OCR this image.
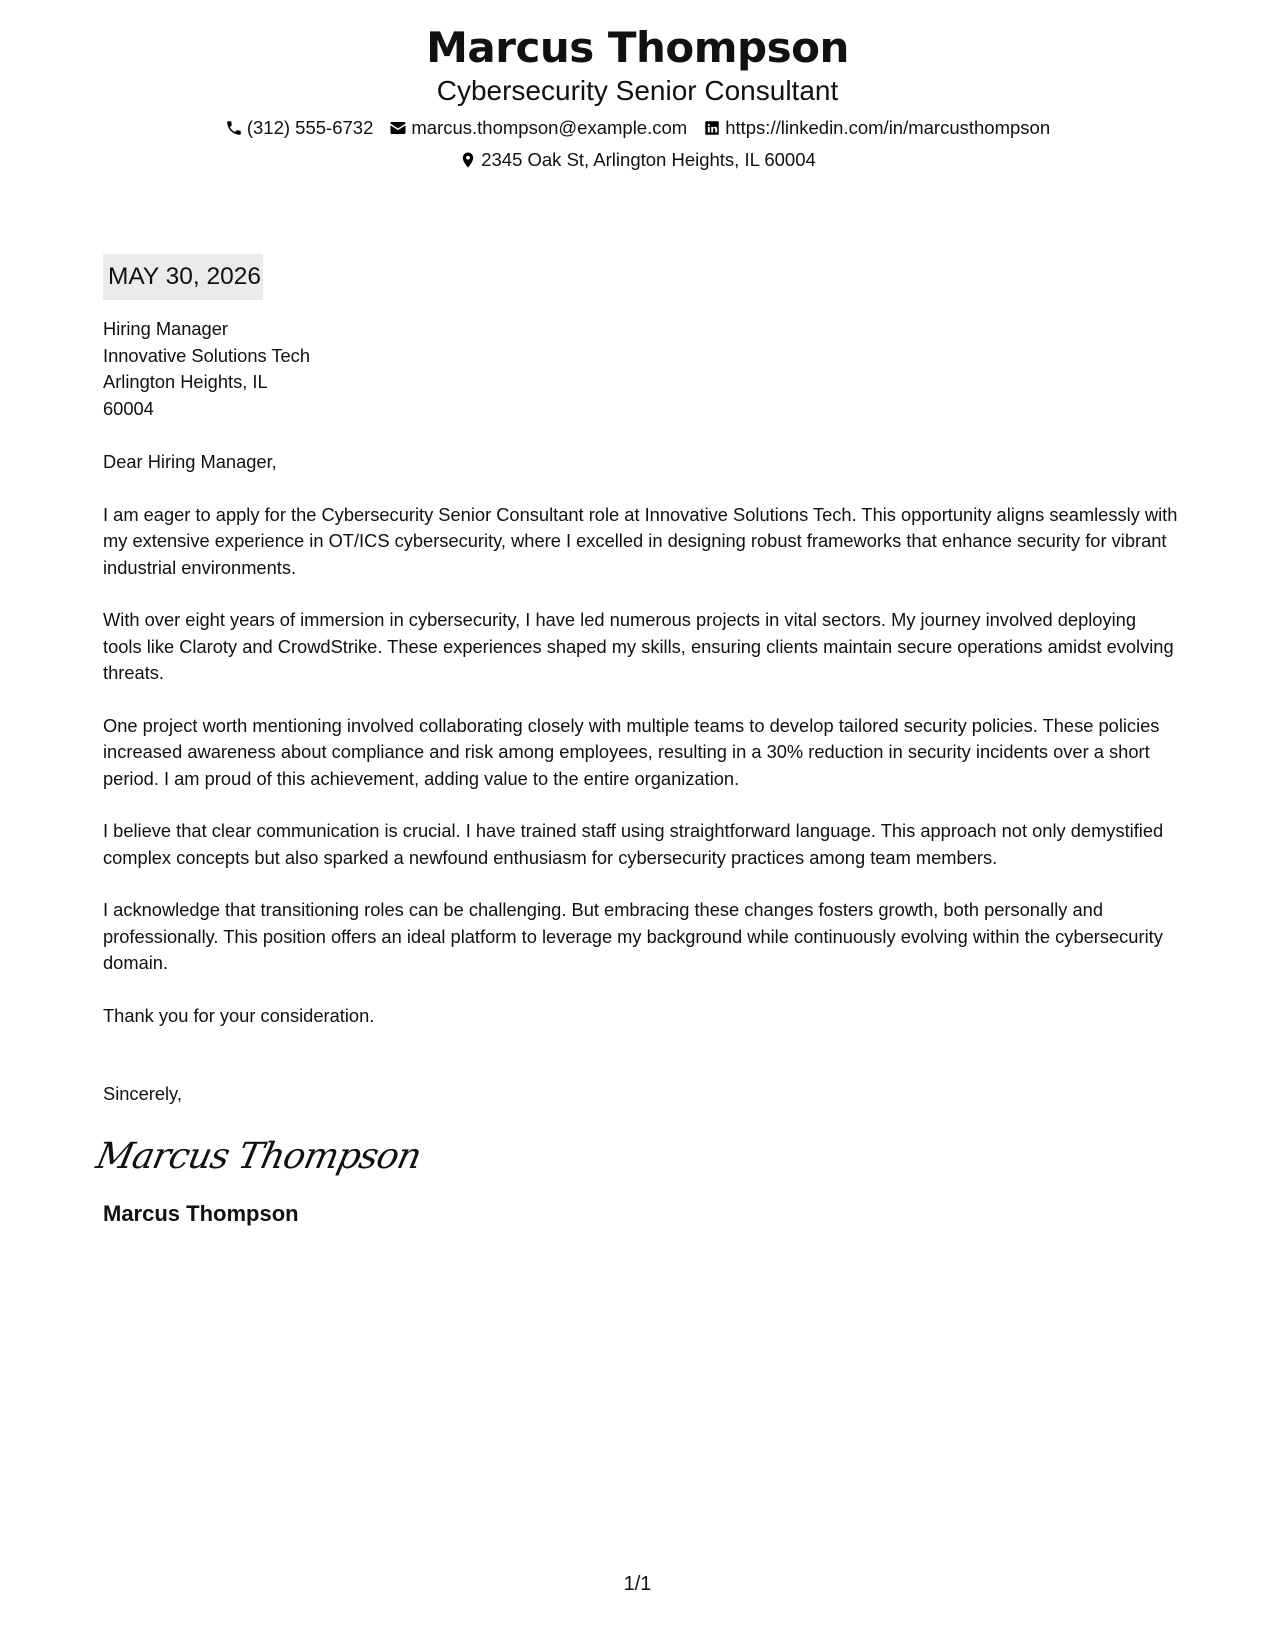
Marcus Thompson
Cybersecurity Senior Consultant
(312) 555-6732 marcus.thompson@example.com https://linkedin.com/in/marcusthompson
2345 Oak St, Arlington Heights, IL 60004
MAY 30, 2026
Hiring Manager
Innovative Solutions Tech
Arlington Heights, IL
60004
Dear Hiring Manager,

I am eager to apply for the Cybersecurity Senior Consultant role at Innovative Solutions Tech. This opportunity aligns seamlessly with my extensive experience in OT/ICS cybersecurity, where I excelled in designing robust frameworks that enhance security for vibrant industrial environments.

With over eight years of immersion in cybersecurity, I have led numerous projects in vital sectors. My journey involved deploying tools like Claroty and CrowdStrike. These experiences shaped my skills, ensuring clients maintain secure operations amidst evolving threats.

One project worth mentioning involved collaborating closely with multiple teams to develop tailored security policies. These policies increased awareness about compliance and risk among employees, resulting in a 30% reduction in security incidents over a short period. I am proud of this achievement, adding value to the entire organization.

I believe that clear communication is crucial. I have trained staff using straightforward language. This approach not only demystified complex concepts but also sparked a newfound enthusiasm for cybersecurity practices among team members.

I acknowledge that transitioning roles can be challenging. But embracing these changes fosters growth, both personally and professionally. This position offers an ideal platform to leverage my background while continuously evolving within the cybersecurity domain.

Thank you for your consideration.

Sincerely,
Marcus Thompson
Marcus Thompson
1/1
